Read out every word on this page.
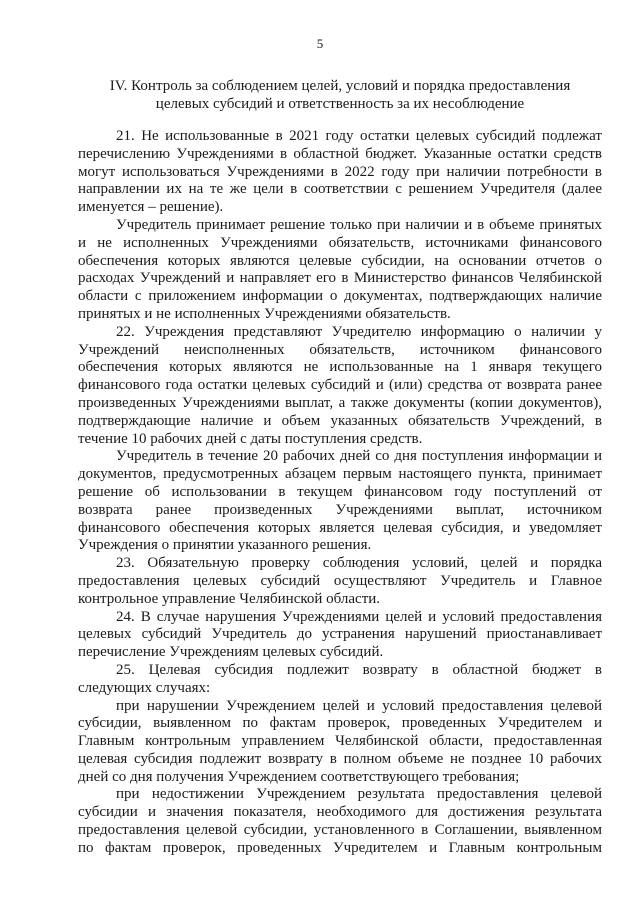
5
IV. Контроль за соблюдением целей, условий и порядка предоставления
целевых субсидий и ответственность за их несоблюдение
21. Не использованные в 2021 году остатки целевых субсидий подлежат
перечислению Учреждениями в областной бюджет. Указанные остатки средств
могут использоваться Учреждениями в 2022 году при наличии потребности в
направлении их на те же цели в соответствии с решением Учредителя (далее
именуется – решение).
Учредитель принимает решение только при наличии и в объеме принятых
и не исполненных Учреждениями обязательств, источниками финансового
обеспечения которых являются целевые субсидии, на основании отчетов о
расходах Учреждений и направляет его в Министерство финансов Челябинской
области с приложением информации о документах, подтверждающих наличие
принятых и не исполненных Учреждениями обязательств.
22. Учреждения представляют Учредителю информацию о наличии у
Учреждений неисполненных обязательств, источником финансового
обеспечения которых являются не использованные на 1 января текущего
финансового года остатки целевых субсидий и (или) средства от возврата ранее
произведенных Учреждениями выплат, а также документы (копии документов),
подтверждающие наличие и объем указанных обязательств Учреждений, в
течение 10 рабочих дней с даты поступления средств.
Учредитель в течение 20 рабочих дней со дня поступления информации и
документов, предусмотренных абзацем первым настоящего пункта, принимает
решение об использовании в текущем финансовом году поступлений от
возврата ранее произведенных Учреждениями выплат, источником
финансового обеспечения которых является целевая субсидия, и уведомляет
Учреждения о принятии указанного решения.
23. Обязательную проверку соблюдения условий, целей и порядка
предоставления целевых субсидий осуществляют Учредитель и Главное
контрольное управление Челябинской области.
24. В случае нарушения Учреждениями целей и условий предоставления
целевых субсидий Учредитель до устранения нарушений приостанавливает
перечисление Учреждениям целевых субсидий.
25. Целевая субсидия подлежит возврату в областной бюджет в
следующих случаях:
при нарушении Учреждением целей и условий предоставления целевой
субсидии, выявленном по фактам проверок, проведенных Учредителем и
Главным контрольным управлением Челябинской области, предоставленная
целевая субсидия подлежит возврату в полном объеме не позднее 10 рабочих
дней со дня получения Учреждением соответствующего требования;
при недостижении Учреждением результата предоставления целевой
субсидии и значения показателя, необходимого для достижения результата
предоставления целевой субсидии, установленного в Соглашении, выявленном
по фактам проверок, проведенных Учредителем и Главным контрольным
